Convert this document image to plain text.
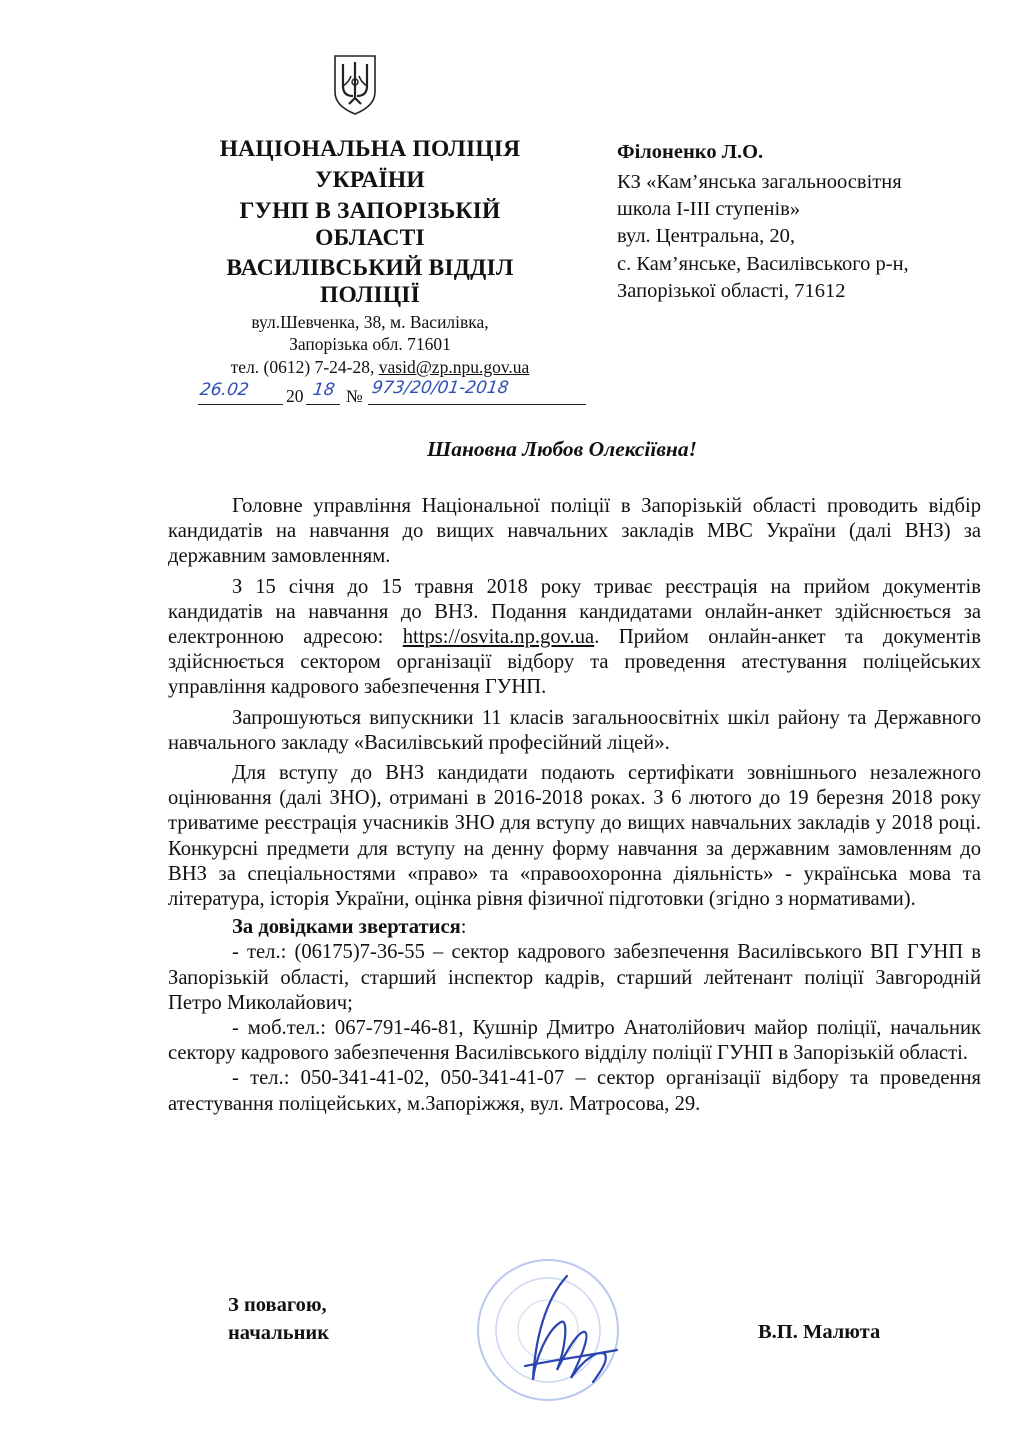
НАЦІОНАЛЬНА ПОЛІЦІЯ
УКРАЇНИ
ГУНП В ЗАПОРІЗЬКІЙ
ОБЛАСТІ
ВАСИЛІВСЬКИЙ ВІДДІЛ
ПОЛІЦІЇ
вул.Шевченка, 38, м. Василівка,
Запорізька обл. 71601
тел. (0612) 7-24-28, vasid@zp.npu.gov.ua
20 №
26.02	18 973/20/01-2018
Філоненко Л.О.
КЗ «Кам’янська загальноосвітня
школа І-ІІІ ступенів»
вул. Центральна, 20,
с. Кам’янське, Василівського р-н,
Запорізької області, 71612
Шановна Любов Олексіївна!

Головне управління Національної поліції в Запорізькій області проводить відбір кандидатів на навчання до вищих навчальних закладів МВС України (далі ВНЗ) за державним замовленням.

З 15 січня до 15 травня 2018 року триває реєстрація на прийом документів кандидатів на навчання до ВНЗ. Подання кандидатами онлайн-анкет здійснюється за електронною адресою: https://osvita.np.gov.ua. Прийом онлайн-анкет та документів здійснюється сектором організації відбору та проведення атестування поліцейських управління кадрового забезпечення ГУНП.

Запрошуються випускники 11 класів загальноосвітніх шкіл району та Державного навчального закладу «Василівський професійний ліцей».

Для вступу до ВНЗ кандидати подають сертифікати зовнішнього незалежного оцінювання (далі ЗНО), отримані в 2016-2018 роках. З 6 лютого до 19 березня 2018 року триватиме реєстрація учасників ЗНО для вступу до вищих навчальних закладів у 2018 році. Конкурсні предмети для вступу на денну форму навчання за державним замовленням до ВНЗ за спеціальностями «право» та «правоохоронна діяльність» - українська мова та література, історія України, оцінка рівня фізичної підготовки (згідно з нормативами).

За довідками звертатися:

- тел.: (06175)7-36-55 – сектор кадрового забезпечення Василівського ВП ГУНП в Запорізькій області, старший інспектор кадрів, старший лейтенант поліції Завгородній Петро Миколайович;

- моб.тел.: 067-791-46-81, Кушнір Дмитро Анатолійович майор поліції, начальник сектору кадрового забезпечення Василівського відділу поліції ГУНП в Запорізькій області.

- тел.: 050-341-41-02, 050-341-41-07 – сектор організації відбору та проведення атестування поліцейських, м.Запоріжжя, вул. Матросова, 29.

З повагою,
начальник	В.П. Малюта
